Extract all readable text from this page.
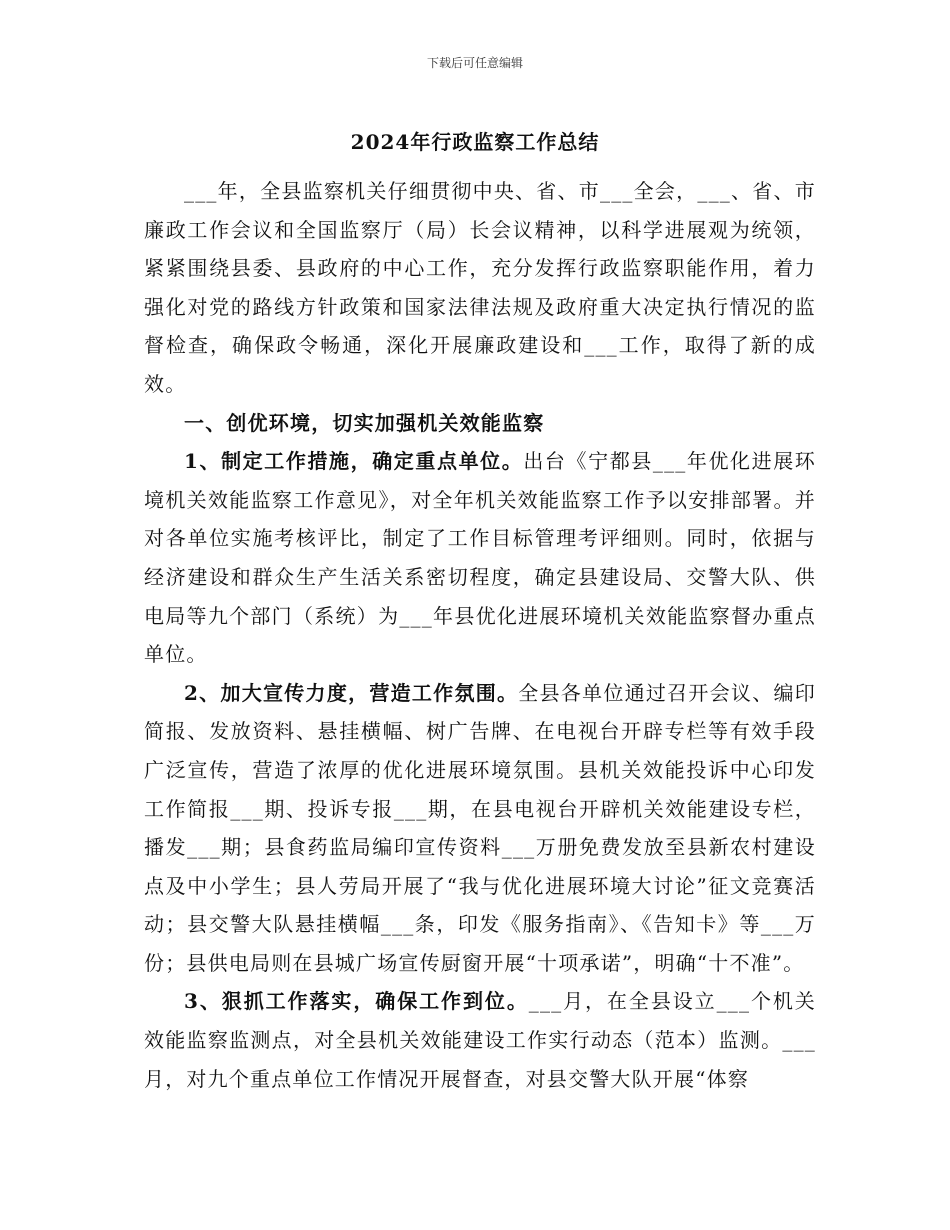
下载后可任意编辑
2024年行政监察工作总结

___年，全县监察机关仔细贯彻中央、省、市___全会，___、省、市廉政工作会议和全国监察厅（局）长会议精神，以科学进展观为统领，紧紧围绕县委、县政府的中心工作，充分发挥行政监察职能作用，着力强化对党的路线方针政策和国家法律法规及政府重大决定执行情况的监督检查，确保政令畅通，深化开展廉政建设和___工作，取得了新的成效。

一、创优环境，切实加强机关效能监察

1、制定工作措施，确定重点单位。出台《宁都县___年优化进展环境机关效能监察工作意见》，对全年机关效能监察工作予以安排部署。并对各单位实施考核评比，制定了工作目标管理考评细则。同时，依据与经济建设和群众生产生活关系密切程度，确定县建设局、交警大队、供电局等九个部门（系统）为___年县优化进展环境机关效能监察督办重点单位。

2、加大宣传力度，营造工作氛围。全县各单位通过召开会议、编印简报、发放资料、悬挂横幅、树广告牌、在电视台开辟专栏等有效手段广泛宣传，营造了浓厚的优化进展环境氛围。县机关效能投诉中心印发工作简报___期、投诉专报___期，在县电视台开辟机关效能建设专栏，播发___期；县食药监局编印宣传资料___万册免费发放至县新农村建设点及中小学生；县人劳局开展了“我与优化进展环境大讨论”征文竞赛活动；县交警大队悬挂横幅___条，印发《服务指南》、《告知卡》等___万份；县供电局则在县城广场宣传厨窗开展“十项承诺”，明确“十不准”。

3、狠抓工作落实，确保工作到位。___月，在全县设立___个机关效能监察监测点，对全县机关效能建设工作实行动态（范本）监测。___月，对九个重点单位工作情况开展督查，对县交警大队开展“体察
